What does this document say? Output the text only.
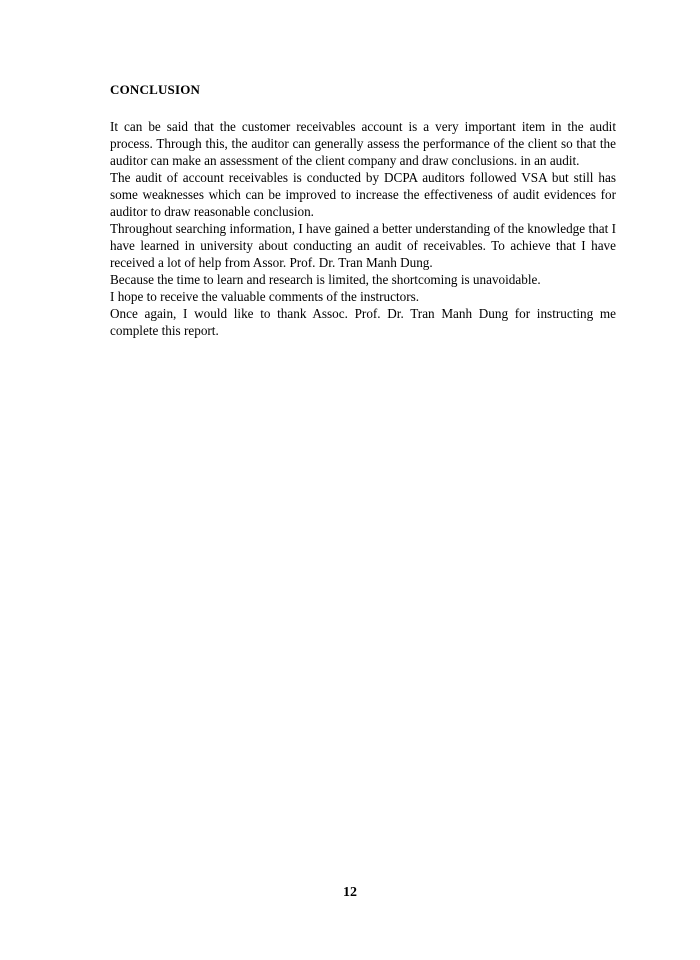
CONCLUSION

It can be said that the customer receivables account is a very important item in the audit process. Through this, the auditor can generally assess the performance of the client so that the auditor can make an assessment of the client company and draw conclusions. in an audit.

The audit of account receivables is conducted by DCPA auditors followed VSA but still has some weaknesses which can be improved to increase the effectiveness of audit evidences for auditor to draw reasonable conclusion.

Throughout searching information, I have gained a better understanding of the knowledge that I have learned in university about conducting an audit of receivables. To achieve that I have received a lot of help from Assor. Prof. Dr. Tran Manh Dung.

Because the time to learn and research is limited, the shortcoming is unavoidable.

I hope to receive the valuable comments of the instructors.

Once again, I would like to thank Assoc. Prof. Dr. Tran Manh Dung for instructing me complete this report.

12
